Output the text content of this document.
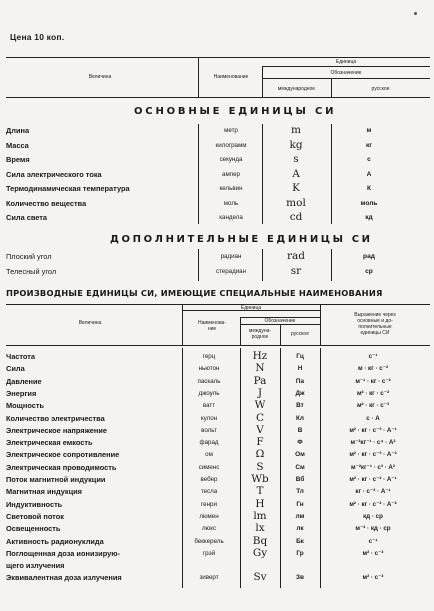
Цена 10 коп.
Величина	Наименование
Единица
Обозначение
международное	русское
ОСНОВНЫЕ ЕДИНИЦЫ СИ
Длина	метр	m	м
Масса	килограмм	kg	кг
Время	секунда	s	с
Сила электрического тока	ампер	A	А
Термодинамическая температура	кельвин	K	К
Количество вещества	моль	mol	моль
Сила света	кандела	cd	кд
ДОПОЛНИТЕЛЬНЫЕ ЕДИНИЦЫ СИ
Плоский угол	радиан	rad	рад
Телесный угол	стерадиан	sr	ср
ПРОИЗВОДНЫЕ ЕДИНИЦЫ СИ, ИМЕЮЩИЕ СПЕЦИАЛЬНЫЕ НАИМЕНОВАНИЯ
Величина	Наименова-
ние
Единица
Обозначение
междуна-
родное	русское
Выражение через
основные и до-
полнительные
единицы СИ
Частота	герц	Hz	Гц	с⁻¹
Сила	ньютон	N	Н	м · кг · с⁻²
Давление	паскаль	Pa	Па	м⁻¹ · кг · с⁻²
Энергия	джоуль	J	Дж	м² · кг · с⁻²
Мощность	ватт	W	Вт	м² · кг · с⁻³
Количество электричества	кулон	C	Кл	с · А
Электрическое напряжение	вольт	V	В	м² · кг · с⁻³ · А⁻¹
Электрическая емкость	фарад	F	Ф	м⁻²кг⁻¹ · с⁴ · А²
Электрическое сопротивление	ом	Ω	Ом	м² · кг · с⁻³ · А⁻²
Электрическая проводимость	сименс	S	См	м⁻²кг⁻¹ · с³ · А²
Поток магнитной индукции	вебер	Wb	Вб	м² · кг · с⁻² · А⁻¹
Магнитная индукция	тесла	T	Тл	кг · с⁻² · А⁻¹
Индуктивность	генри	H	Гн	м² · кг · с⁻² · А⁻²
Световой поток	люмен	lm	лм	кд · ср
Освещенность	люкс	lx	лк	м⁻² · кд · ср
Активность радионуклида	беккерель	Bq	Бк	с⁻¹
Поглощенная доза ионизирую-	грэй	Gy	Гр	м² · с⁻²
щего излучения
Эквивалентная доза излучения	зиверт	Sv	Зв	м² · с⁻²
